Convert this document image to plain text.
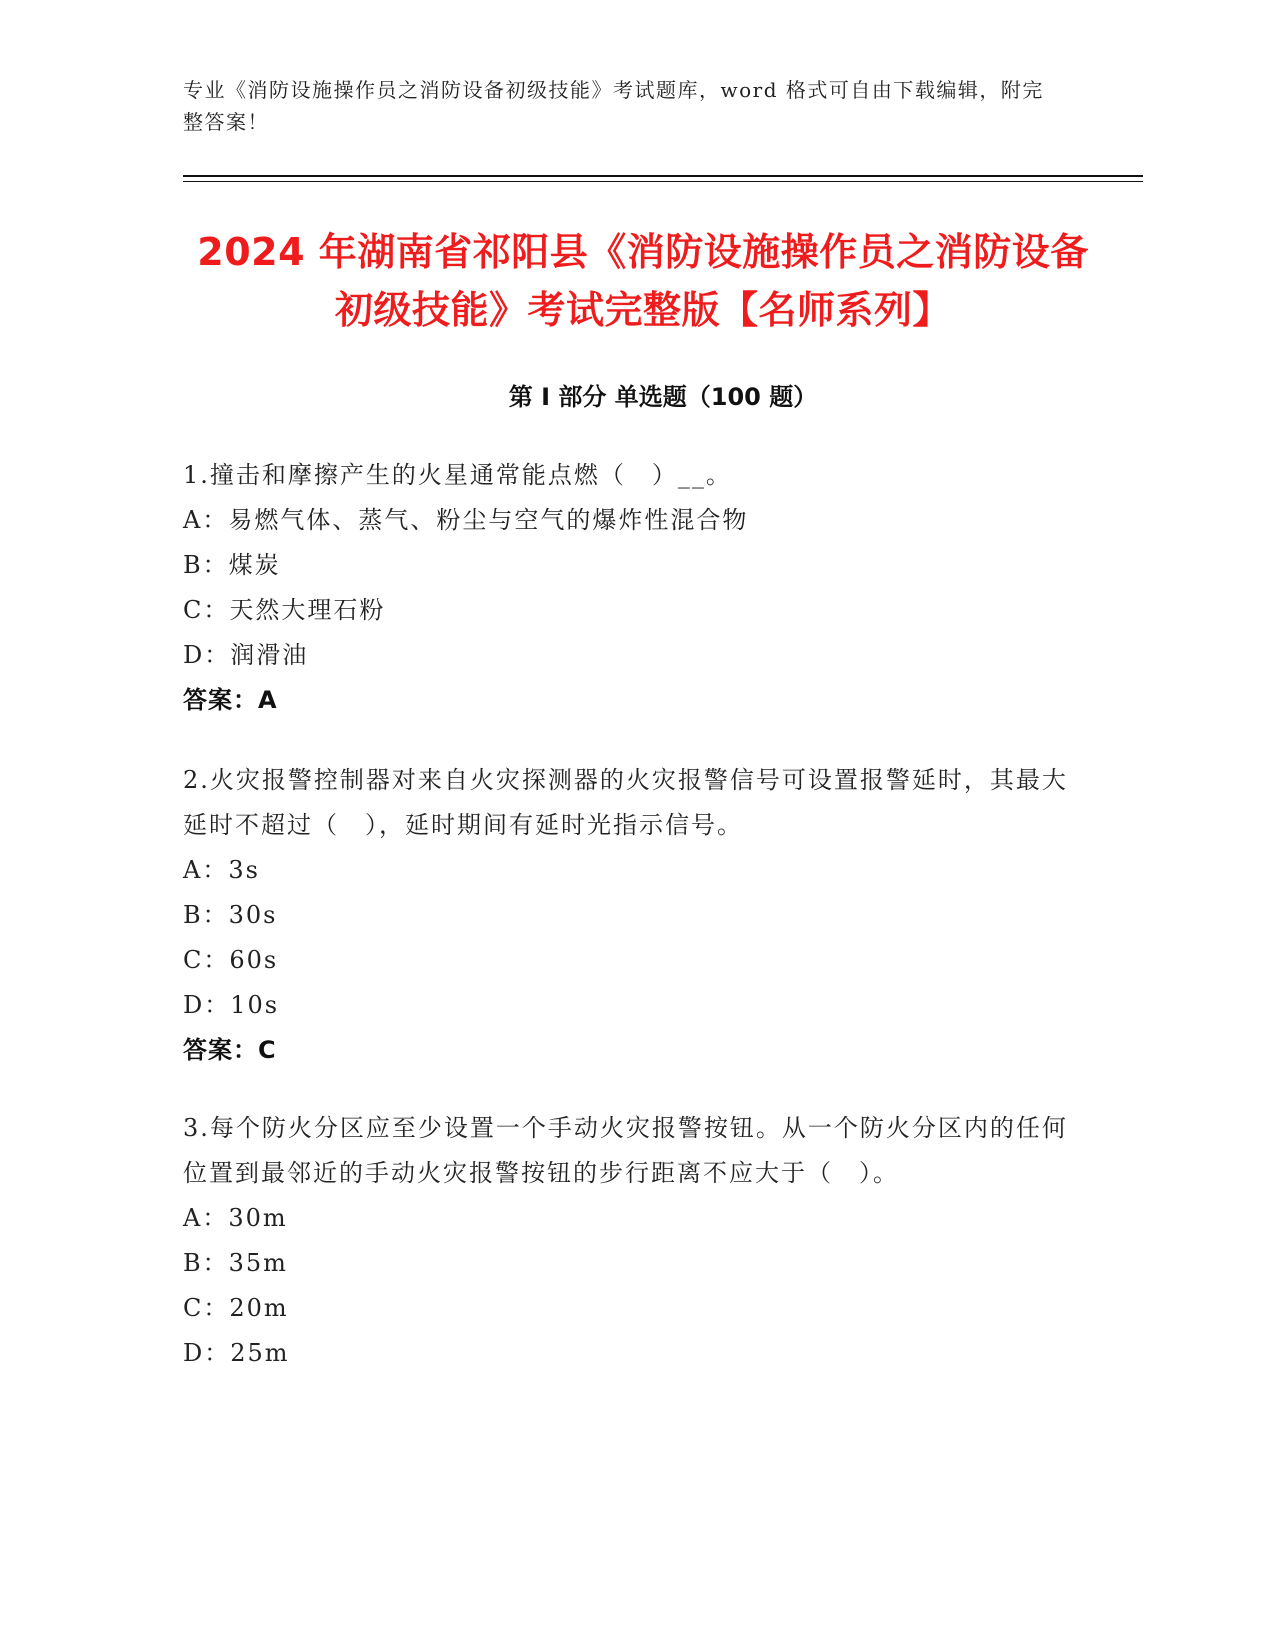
专业《消防设施操作员之消防设备初级技能》考试题库，word 格式可自由下载编辑，附完整答案！
2024 年湖南省祁阳县《消防设施操作员之消防设备初级技能》考试完整版【名师系列】
第 I 部分 单选题（100 题）
1.撞击和摩擦产生的火星通常能点燃（　）__。
A：易燃气体、蒸气、粉尘与空气的爆炸性混合物
B：煤炭
C：天然大理石粉
D：润滑油
答案：A
2.火灾报警控制器对来自火灾探测器的火灾报警信号可设置报警延时，其最大延时不超过（　），延时期间有延时光指示信号。
A：3s
B：30s
C：60s
D：10s
答案：C
3.每个防火分区应至少设置一个手动火灾报警按钮。从一个防火分区内的任何位置到最邻近的手动火灾报警按钮的步行距离不应大于（　）。
A：30m
B：35m
C：20m
D：25m
